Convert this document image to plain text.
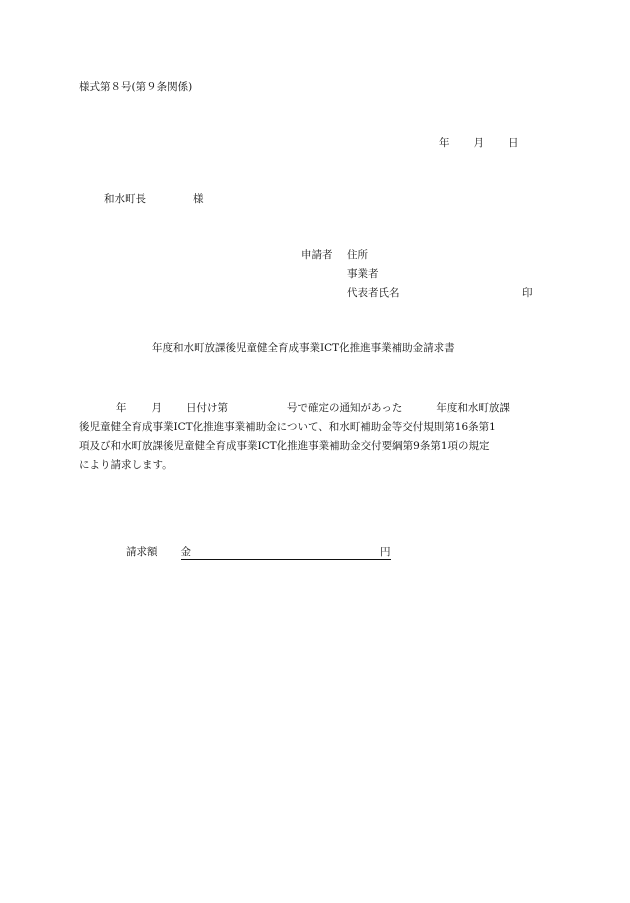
様式第８号(第９条関係)
年 月 日
和水町長	様
申請者 住所
事業者
代表者氏名	印
年度和水町放課後児童健全育成事業ICT化推進事業補助金請求書
年 月 日付け第	号で確定の通知があった	年度和水町放課
後児童健全育成事業ICT化推進事業補助金について、和水町補助金等交付規則第16条第1
項及び和水町放課後児童健全育成事業ICT化推進事業補助金交付要綱第9条第1項の規定
により請求します。
請求額 金	円
